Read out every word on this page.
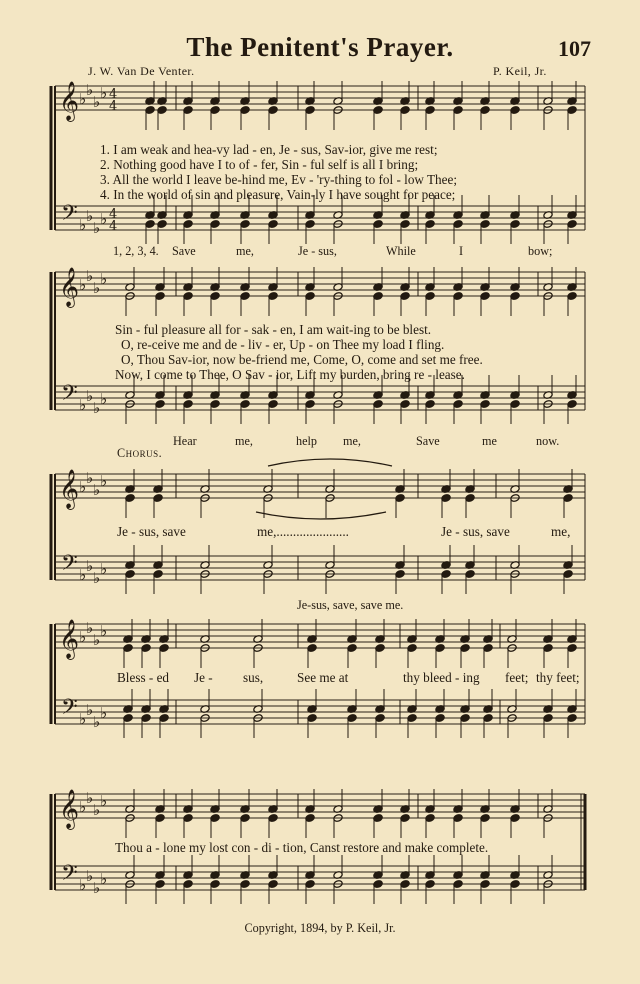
The Penitent's Prayer.	107
J. W. Van De Venter.	P. Keil, Jr.
𝄞
𝄢
♭ ♭
♭ ♭
♭ ♭
♭ ♭
4
4
4
4
𝄞
𝄢
♭ ♭
♭ ♭
♭ ♭
♭ ♭
𝄞
𝄢
♭ ♭
♭ ♭
♭ ♭
♭ ♭
𝄞
𝄢
♭ ♭
♭ ♭
♭ ♭
♭ ♭
𝄞
𝄢
♭ ♭
♭ ♭
♭ ♭
♭ ♭
1. I am weak and hea-vy lad - en, Je - sus, Sav-ior, give me rest;
2. Nothing good have I to of - fer, Sin - ful self is all I bring;
3. All the world I leave be-hind me, Ev - 'ry-thing to fol - low Thee;
4. In the world of sin and pleasure, Vain-ly I have sought for peace;
1, 2, 3, 4. Save	me,	Je - sus,	While	I	bow;
Sin - ful pleasure all for - sak - en, I am wait-ing to be blest.
O, re-ceive me and de - liv - er, Up - on Thee my load I fling.
O, Thou Sav-ior, now be-friend me, Come, O, come and set me free.
Now, I come to Thee, O Sav - ior, Lift my burden, bring re - lease.
Hear	me,	help me,	Save	me	now.
Chorus.
Je - sus, save	me,......................	Je - sus, save	me,
Je-sus, save, save me.
Bless - ed Je - sus,	See me at	thy bleed - ing feet; thy feet;
Thou a - lone my lost con - di - tion, Canst restore and make complete.
Copyright, 1894, by P. Keil, Jr.
